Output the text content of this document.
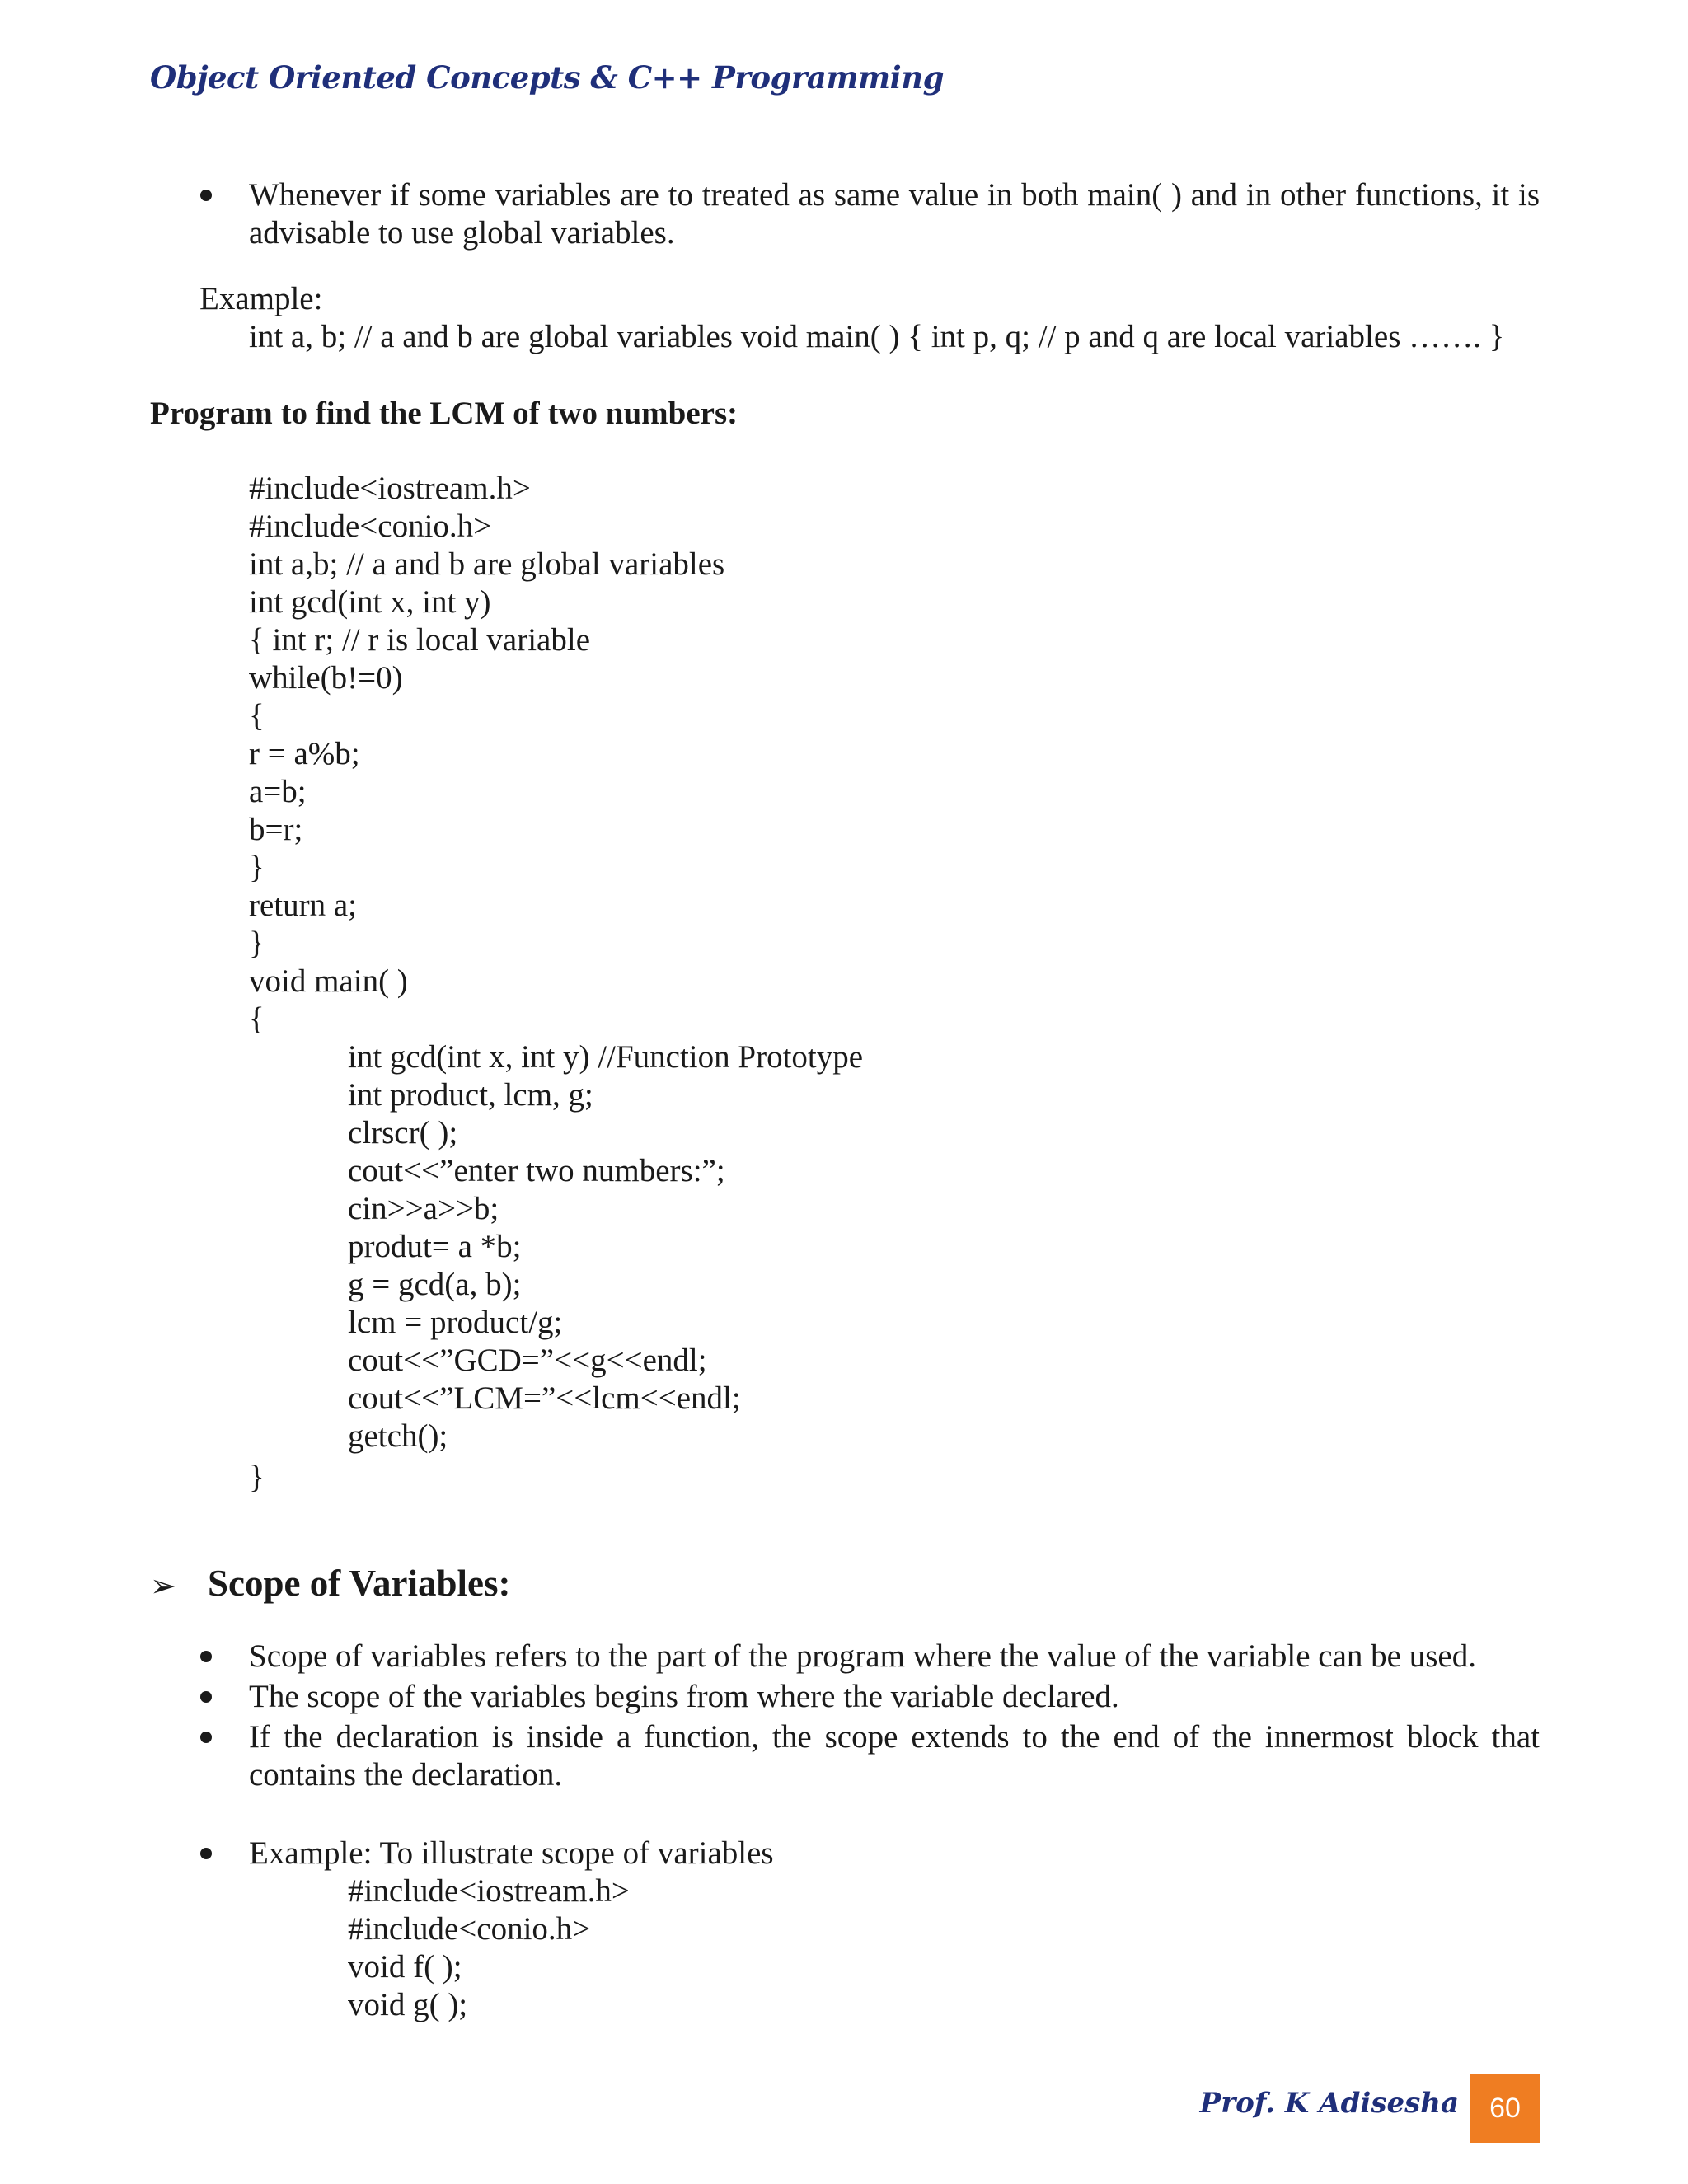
Object Oriented Concepts & C++ Programming
Whenever if some variables are to treated as same value in both main( ) and in other functions, it is advisable to use global variables.
Example:
int a, b; // a and b are global variables void main( ) { int p, q; // p and q are local variables ……. }
Program to find the LCM of two numbers:
#include<iostream.h>
#include<conio.h>
int a,b; // a and b are global variables
int gcd(int x, int y)
{ int r; // r is local variable
while(b!=0)
{
r = a%b;
a=b;
b=r;
}
return a;
}
void main( )
{
int gcd(int x, int y) //Function Prototype
int product, lcm, g;
clrscr( );
cout<<”enter two numbers:”;
cin>>a>>b;
produt= a *b;
g = gcd(a, b);
lcm = product/g;
cout<<”GCD=”<<g<<endl;
cout<<”LCM=”<<lcm<<endl;
getch();
}
➢ Scope of Variables:
Scope of variables refers to the part of the program where the value of the variable can be used.
The scope of the variables begins from where the variable declared.
If the declaration is inside a function, the scope extends to the end of the innermost block that contains the declaration.
Example: To illustrate scope of variables
#include<iostream.h>
#include<conio.h>
void f( );
void g( );
Prof. K Adisesha 60
